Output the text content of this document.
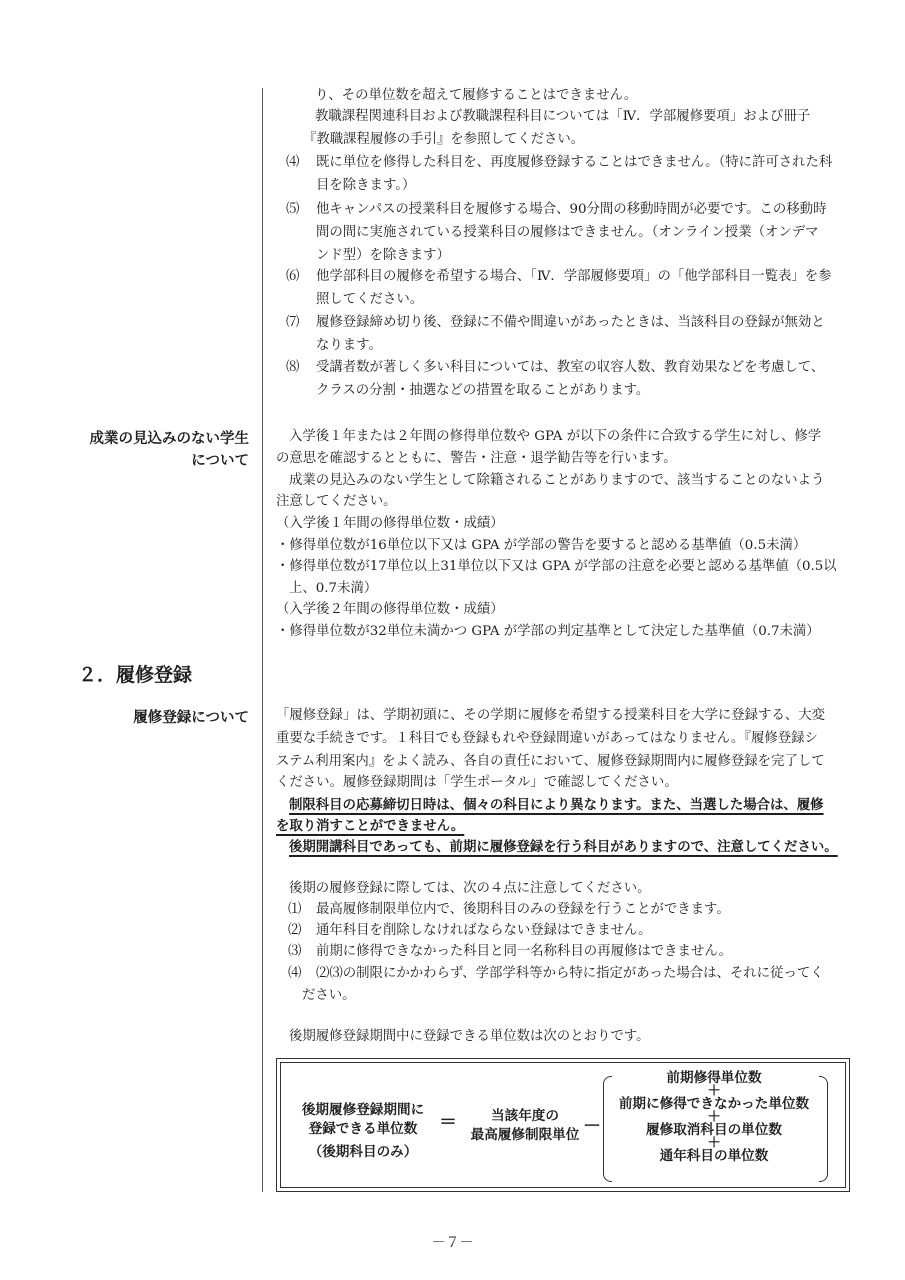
り、その単位数を超えて履修することはできません。
教職課程関連科目および教職課程科目については「Ⅳ．学部履修要項」および冊子
『教職課程履修の手引』を参照してください。
⑷ 既に単位を修得した科目を、再度履修登録することはできません。（特に許可された科
目を除きます。）
⑸ 他キャンパスの授業科目を履修する場合、90分間の移動時間が必要です。この移動時
間の間に実施されている授業科目の履修はできません。（オンライン授業（オンデマ
ンド型）を除きます）
⑹ 他学部科目の履修を希望する場合、「Ⅳ．学部履修要項」の「他学部科目一覧表」を参
照してください。
⑺ 履修登録締め切り後、登録に不備や間違いがあったときは、当該科目の登録が無効と
なります。
⑻ 受講者数が著しく多い科目については、教室の収容人数、教育効果などを考慮して、
クラスの分割・抽選などの措置を取ることがあります。
成業の見込みのない学生
について
入学後１年または２年間の修得単位数や GPA が以下の条件に合致する学生に対し、修学
の意思を確認するとともに、警告・注意・退学勧告等を行います。
成業の見込みのない学生として除籍されることがありますので、該当することのないよう
注意してください。
（入学後１年間の修得単位数・成績）
・修得単位数が16単位以下又は GPA が学部の警告を要すると認める基準値（0.5未満）
・修得単位数が17単位以上31単位以下又は GPA が学部の注意を必要と認める基準値（0.5以
上、0.7未満）
（入学後２年間の修得単位数・成績）
・修得単位数が32単位未満かつ GPA が学部の判定基準として決定した基準値（0.7未満）
２．履修登録
履修登録について 「履修登録」は、学期初頭に、その学期に履修を希望する授業科目を大学に登録する、大変
重要な手続きです。１科目でも登録もれや登録間違いがあってはなりません。『履修登録シ
ステム利用案内』をよく読み、各自の責任において、履修登録期間内に履修登録を完了して
ください。履修登録期間は「学生ポータル」で確認してください。
制限科目の応募締切日時は、個々の科目により異なります。また、当選した場合は、履修
を取り消すことができません。
後期開講科目であっても、前期に履修登録を行う科目がありますので、注意してください。
後期の履修登録に際しては、次の４点に注意してください。
⑴ 最高履修制限単位内で、後期科目のみの登録を行うことができます。
⑵ 通年科目を削除しなければならない登録はできません。
⑶ 前期に修得できなかった科目と同一名称科目の再履修はできません。
⑷ ⑵⑶の制限にかかわらず、学部学科等から特に指定があった場合は、それに従ってく
ださい。
後期履修登録期間中に登録できる単位数は次のとおりです。
後期履修登録期間に
登録できる単位数
（後期科目のみ）
＝	当該年度の
最高履修制限単位 －
前期修得単位数
＋
前期に修得できなかった単位数
＋
履修取消科目の単位数
＋
通年科目の単位数
－７－
